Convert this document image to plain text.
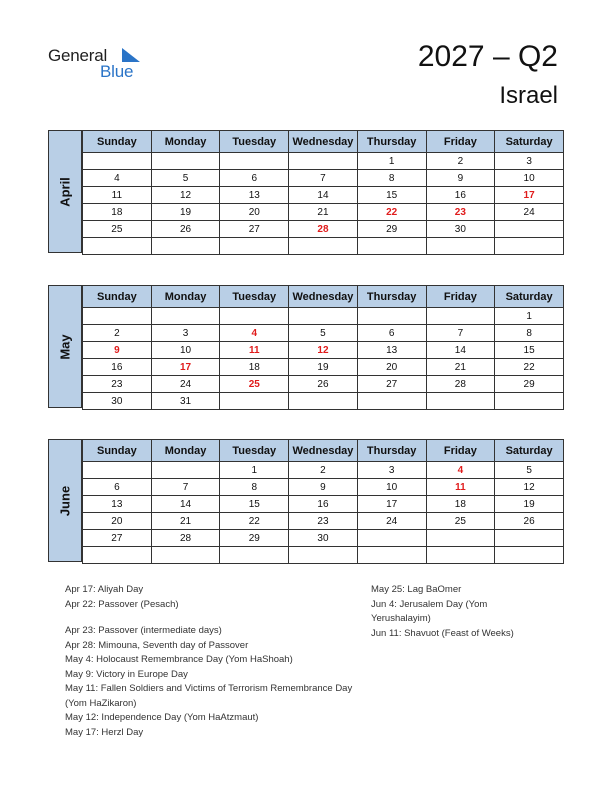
General
Blue	2027 – Q2
Israel
April
Sunday	Monday	Tuesday	Wednesday	Thursday	Friday	Saturday
				1	2	3
4	5	6	7	8	9	10
11	12	13	14	15	16	17
18	19	20	21	22	23	24
25	26	27	28	29	30	

May
Sunday	Monday	Tuesday	Wednesday	Thursday	Friday	Saturday
						1
2	3	4	5	6	7	8
9	10	11	12	13	14	15
16	17	18	19	20	21	22
23	24	25	26	27	28	29
30	31					
June
Sunday	Monday	Tuesday	Wednesday	Thursday	Friday	Saturday
		1	2	3	4	5
6	7	8	9	10	11	12
13	14	15	16	17	18	19
20	21	22	23	24	25	26
27	28	29	30			

Apr 17: Aliyah Day
Apr 22: Passover (Pesach)
Apr 23: Passover (intermediate days)
Apr 28: Mimouna, Seventh day of Passover
May 4: Holocaust Remembrance Day (Yom HaShoah)
May 9: Victory in Europe Day
May 11: Fallen Soldiers and Victims of Terrorism Remembrance Day (Yom HaZikaron)
May 12: Independence Day (Yom HaAtzmaut)
May 17: Herzl Day
May 25: Lag BaOmer
Jun 4: Jerusalem Day (Yom Yerushalayim)
Jun 11: Shavuot (Feast of Weeks)
